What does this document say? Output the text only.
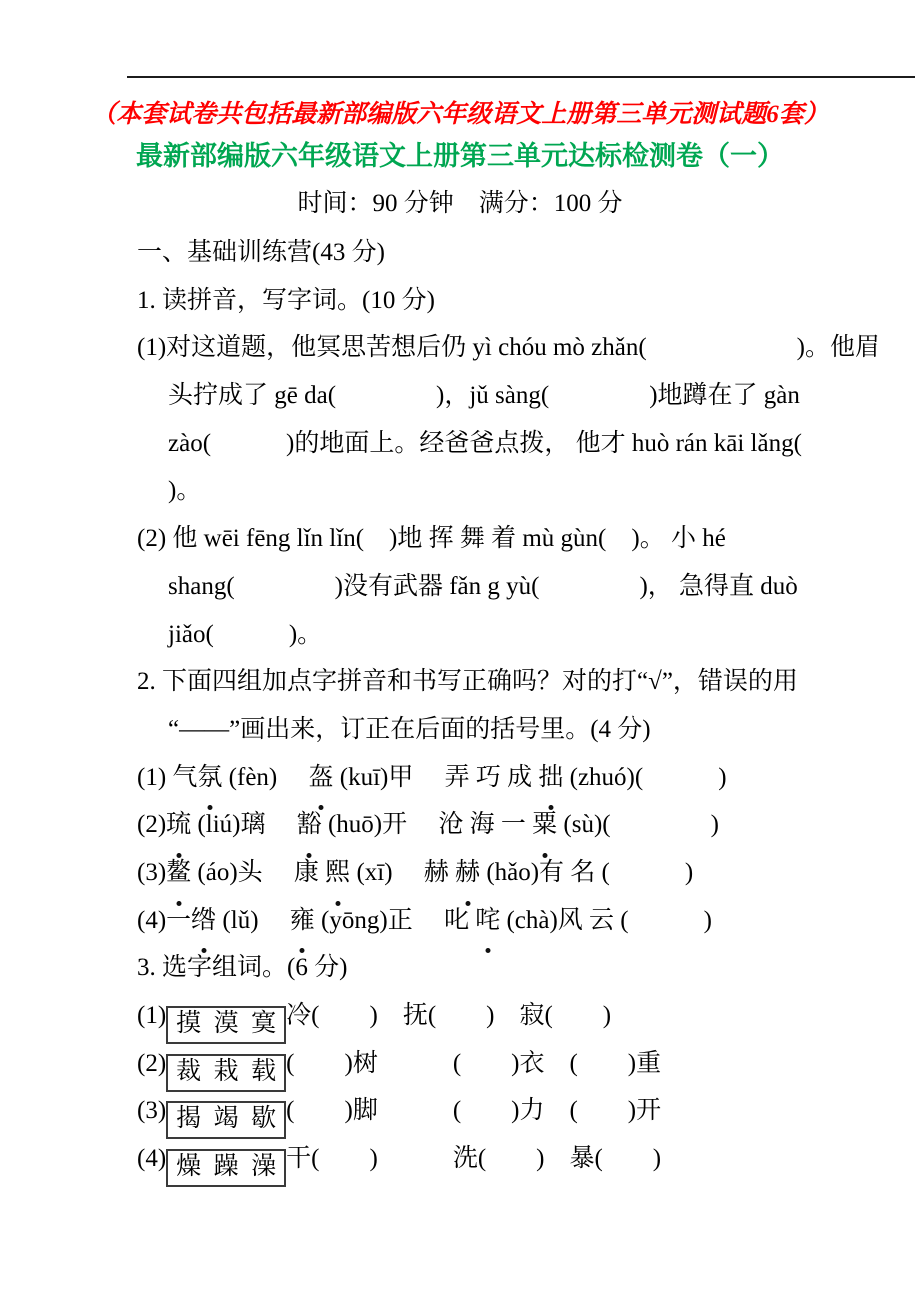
（本套试卷共包括最新部编版六年级语文上册第三单元测试题6套）
最新部编版六年级语文上册第三单元达标检测卷（一）
时间：90 分钟　满分：100 分
一、基础训练营(43 分)
1. 读拼音，写字词。(10 分)
(1)对这道题，他冥思苦想后仍 yì chóu mò zhǎn(　　　　　　)。他眉
头拧成了 gē da(　　　　)，jǔ sàng(　　　　)地蹲在了 gàn
zào(　　　)的地面上。经爸爸点拨， 他才 huò rán kāi lǎng(
)。
(2) 他 wēi fēng lǐn lǐn(　)地 挥 舞 着 mù gùn(　)。 小 hé
shang(　　　　)没有武器 fǎn g yù(　　　　)， 急得直 duò
jiǎo(　　　)。
2. 下面四组加点字拼音和书写正确吗？对的打“√”，错误的用
“——”画出来，订正在后面的括号里。(4 分)
(1) 气氛 (fèn)　 盔 (kuī)甲　 弄 巧 成 拙 (zhuó)(　　　)
(2)琉 (liú)璃　 豁 (huō)开　 沧 海 一 粟 (sù)(　　　　)
(3)鳌 (áo)头　 康 熙 (xī)　 赫 赫 (hǎo)有 名 (　　　)
(4)一绺 (lǔ)　 雍 (yōng)正　 叱 咤 (chà)风 云 (　　　)
3. 选字组词。(6 分)
(1) 摸  漠  寞 冷(　　)　抚(　　)　寂(　　)
(2) 裁  栽  载 (　　)树　　　(　　)衣　(　　)重
(3) 揭  竭  歇 (　　)脚　　　(　　)力　(　　)开
(4) 燥  躁  澡 干(　　)　　　洗(　　)　暴(　　)
